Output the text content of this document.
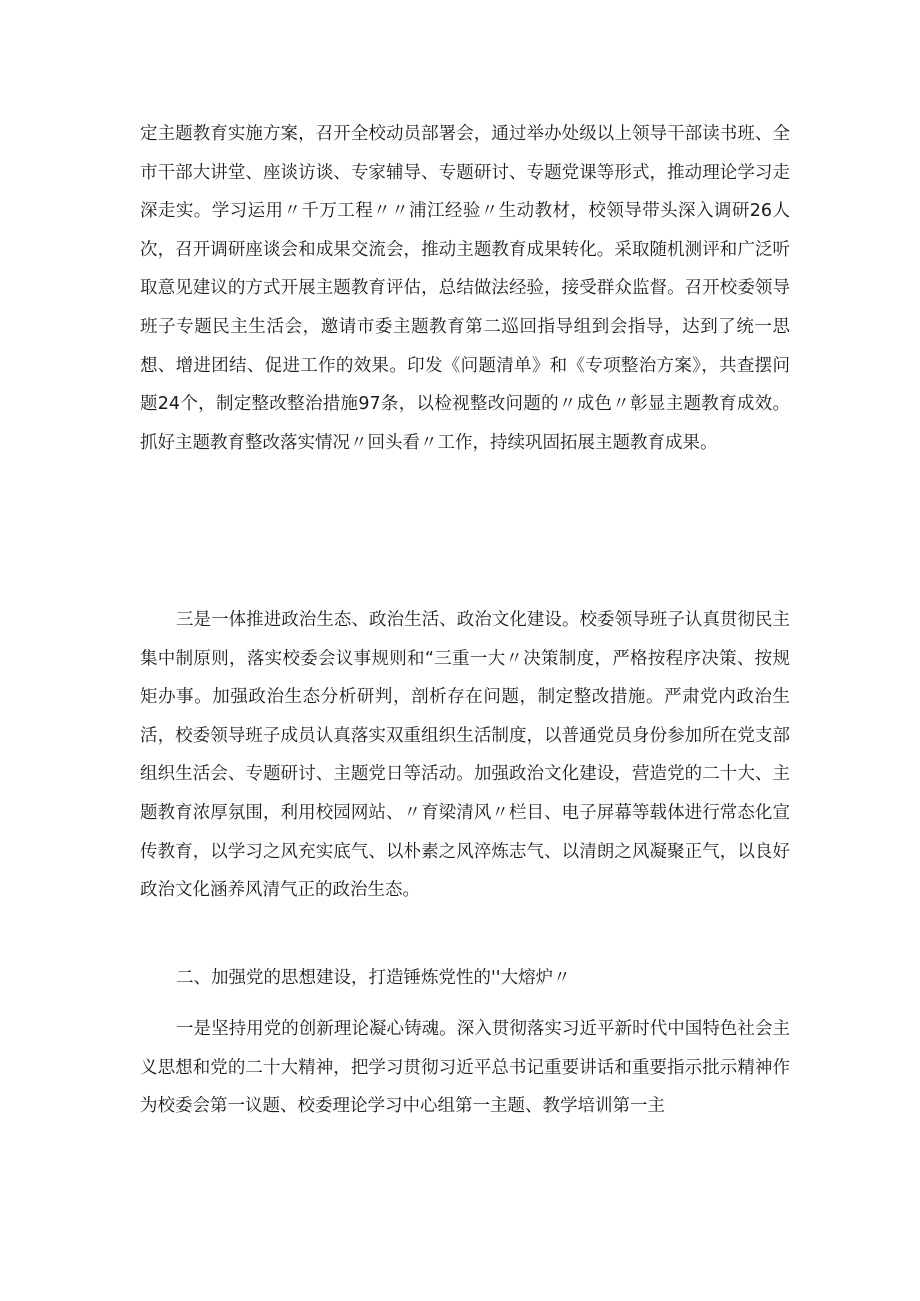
定主题教育实施方案，召开全校动员部署会，通过举办处级以上领导干部读书班、全市干部大讲堂、座谈访谈、专家辅导、专题研讨、专题党课等形式，推动理论学习走深走实。学习运用〃千万工程〃〃浦江经验〃生动教材，校领导带头深入调研26人次，召开调研座谈会和成果交流会，推动主题教育成果转化。采取随机测评和广泛听取意见建议的方式开展主题教育评估，总结做法经验，接受群众监督。召开校委领导班子专题民主生活会，邀请市委主题教育第二巡回指导组到会指导，达到了统一思想、增进团结、促进工作的效果。印发《问题清单》和《专项整治方案》，共查摆问题24个，制定整改整治措施97条，以检视整改问题的〃成色〃彰显主题教育成效。抓好主题教育整改落实情况〃回头看〃工作，持续巩固拓展主题教育成果。

三是一体推进政治生态、政治生活、政治文化建设。校委领导班子认真贯彻民主集中制原则，落实校委会议事规则和“三重一大〃决策制度，严格按程序决策、按规矩办事。加强政治生态分析研判，剖析存在问题，制定整改措施。严肃党内政治生活，校委领导班子成员认真落实双重组织生活制度，以普通党员身份参加所在党支部组织生活会、专题研讨、主题党日等活动。加强政治文化建设，营造党的二十大、主题教育浓厚氛围，利用校园网站、〃育梁清风〃栏目、电子屏幕等载体进行常态化宣传教育，以学习之风充实底气、以朴素之风淬炼志气、以清朗之风凝聚正气，以良好政治文化涵养风清气正的政治生态。

二、加强党的思想建设，打造锤炼党性的''大熔炉〃

一是坚持用党的创新理论凝心铸魂。深入贯彻落实习近平新时代中国特色社会主义思想和党的二十大精神，把学习贯彻习近平总书记重要讲话和重要指示批示精神作为校委会第一议题、校委理论学习中心组第一主题、教学培训第一主
